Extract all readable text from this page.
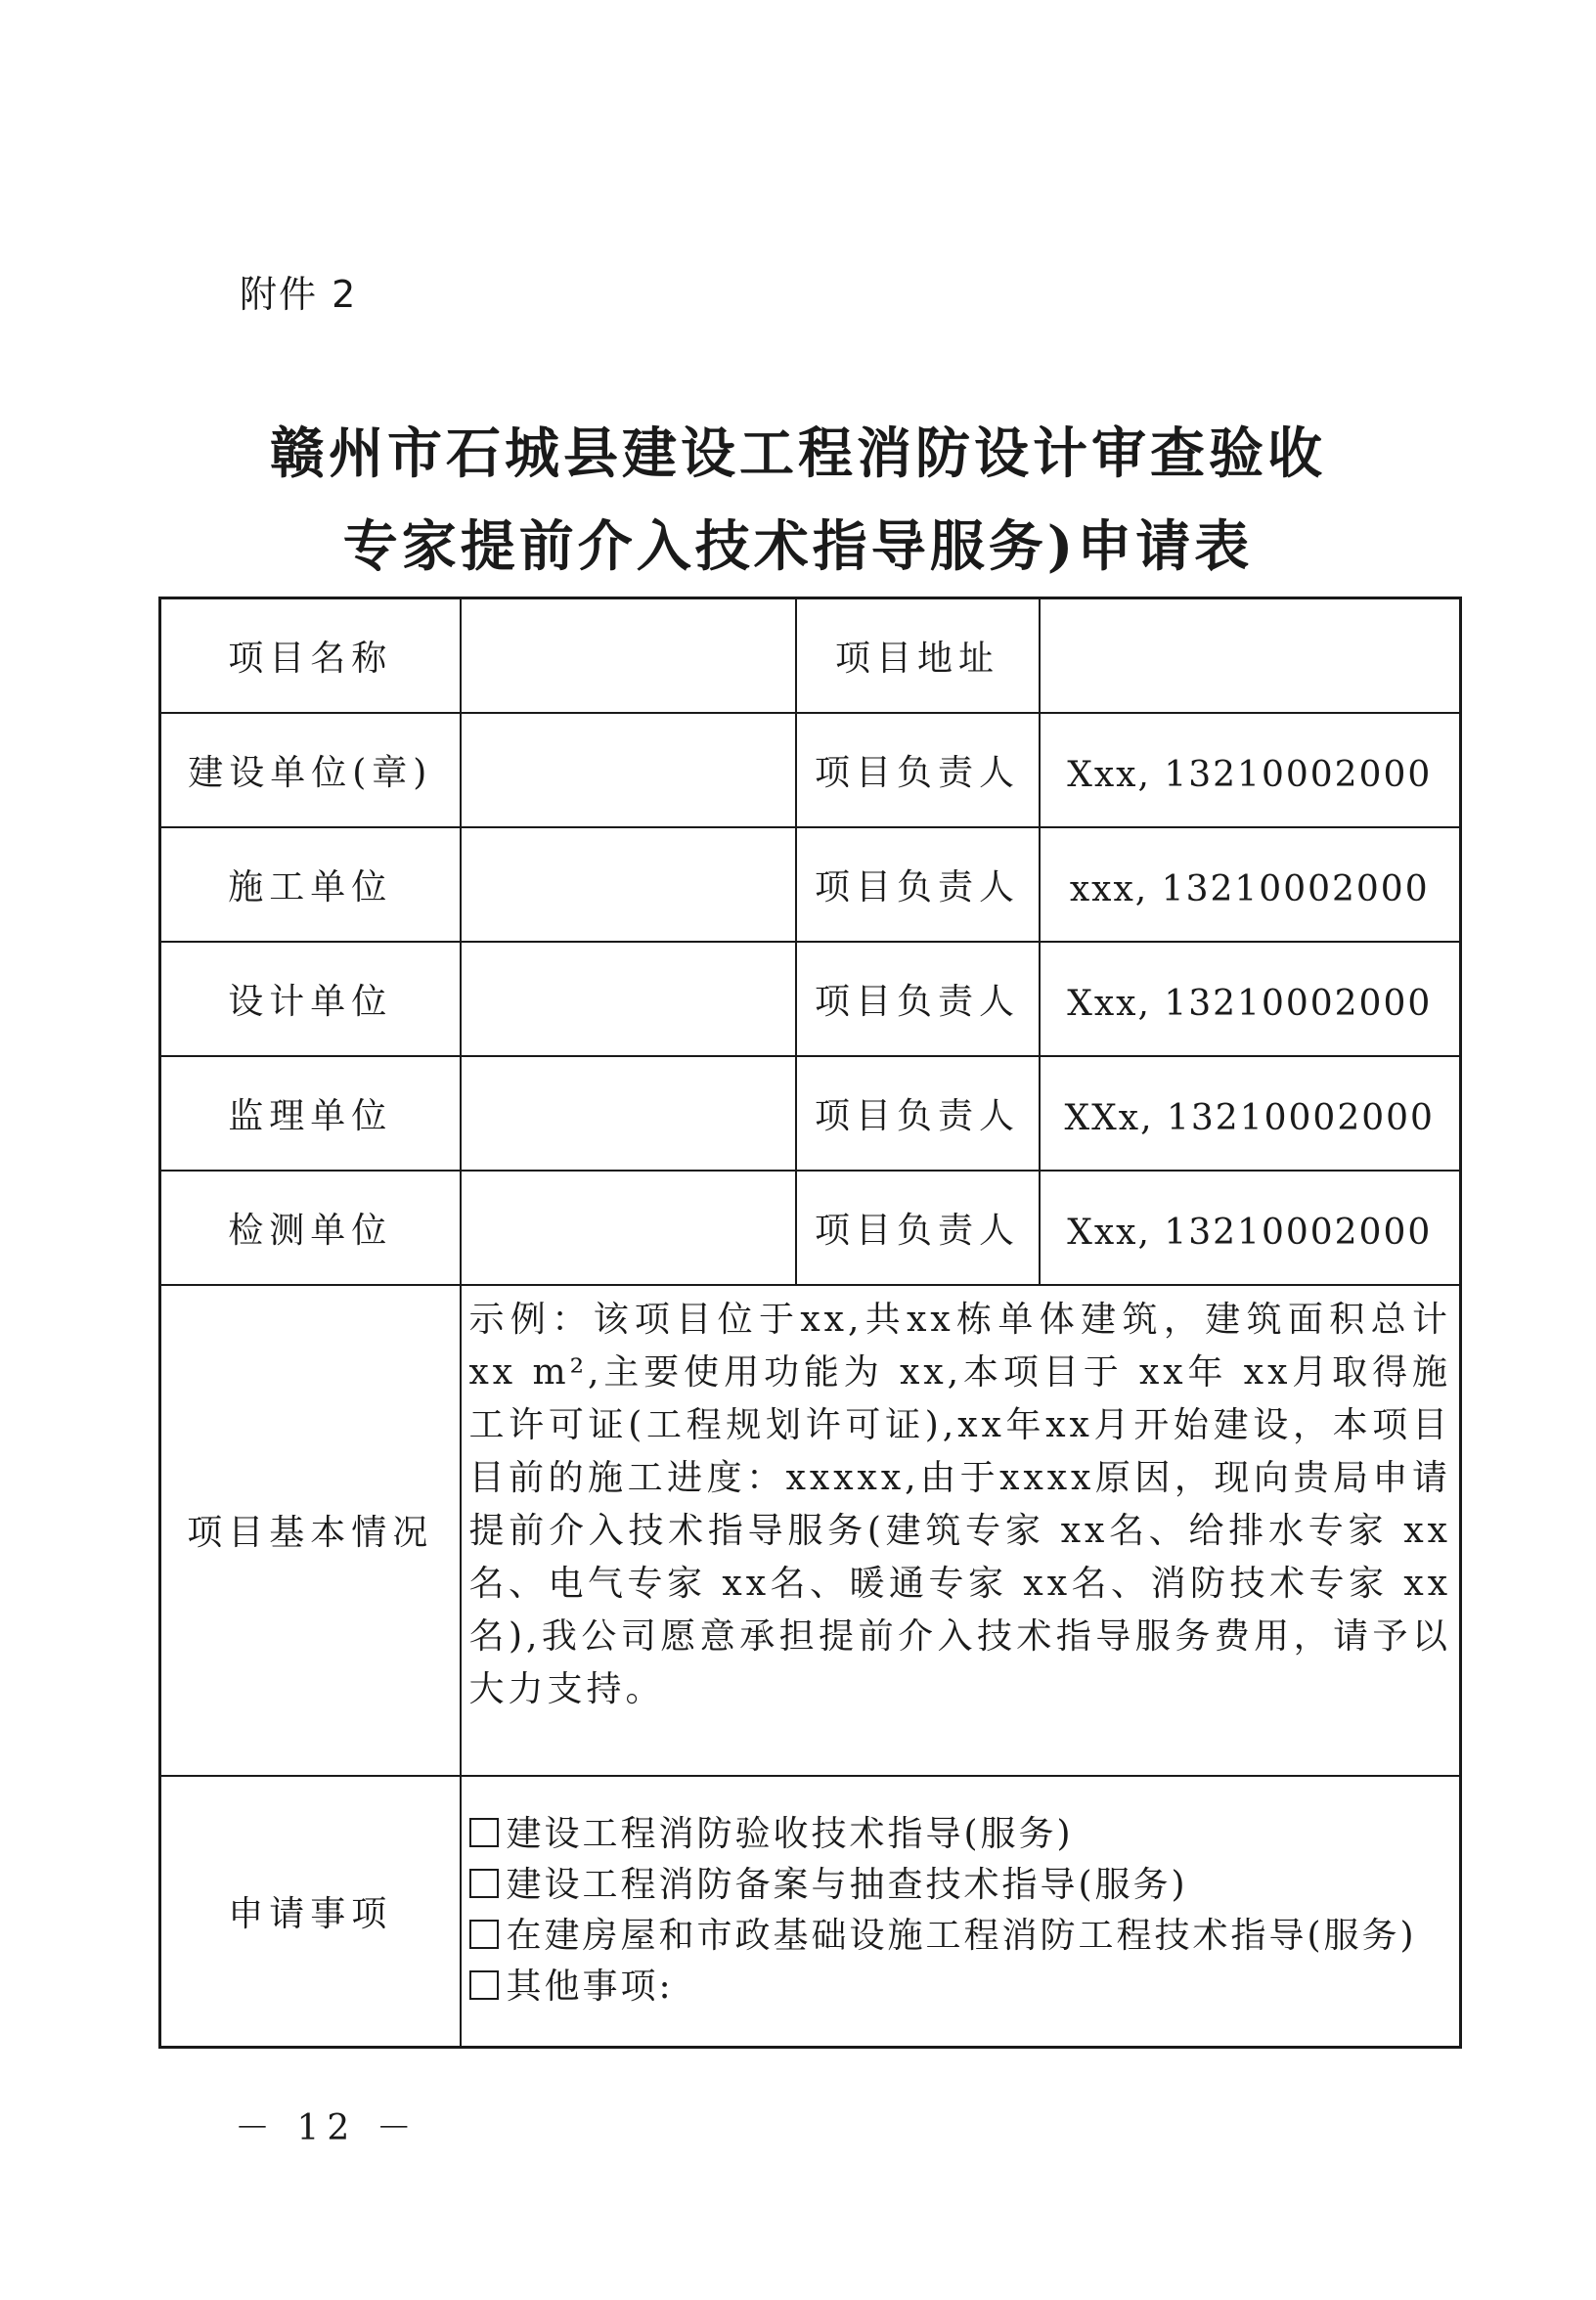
附件 2
赣州市石城县建设工程消防设计审查验收
专家提前介入技术指导服务)申请表
项目名称		项目地址	
建设单位(章)		项目负责人	Xxx, 13210002000
施工单位		项目负责人	xxx, 13210002000
设计单位		项目负责人	Xxx, 13210002000
监理单位		项目负责人	XXx, 13210002000
检测单位		项目负责人	Xxx, 13210002000
项目基本情况	示例：该项目位于xx,共xx栋单体建筑，建筑面积总计 xx m²,主要使用功能为 xx,本项目于 xx年 xx月取得施工许可证(工程规划许可证),xx年xx月开始建设，本项目目前的施工进度：xxxxx,由于xxxx原因，现向贵局申请 提前介入技术指导服务(建筑专家 xx名、给排水专家 xx 名、电气专家 xx名、暖通专家 xx名、消防技术专家 xx 名),我公司愿意承担提前介入技术指导服务费用，请予以大力支持。		
申请事项	建设工程消防验收技术指导(服务)
建设工程消防备案与抽查技术指导(服务)
在建房屋和市政基础设施工程消防工程技术指导(服务)
其他事项:		
－ 12 －
